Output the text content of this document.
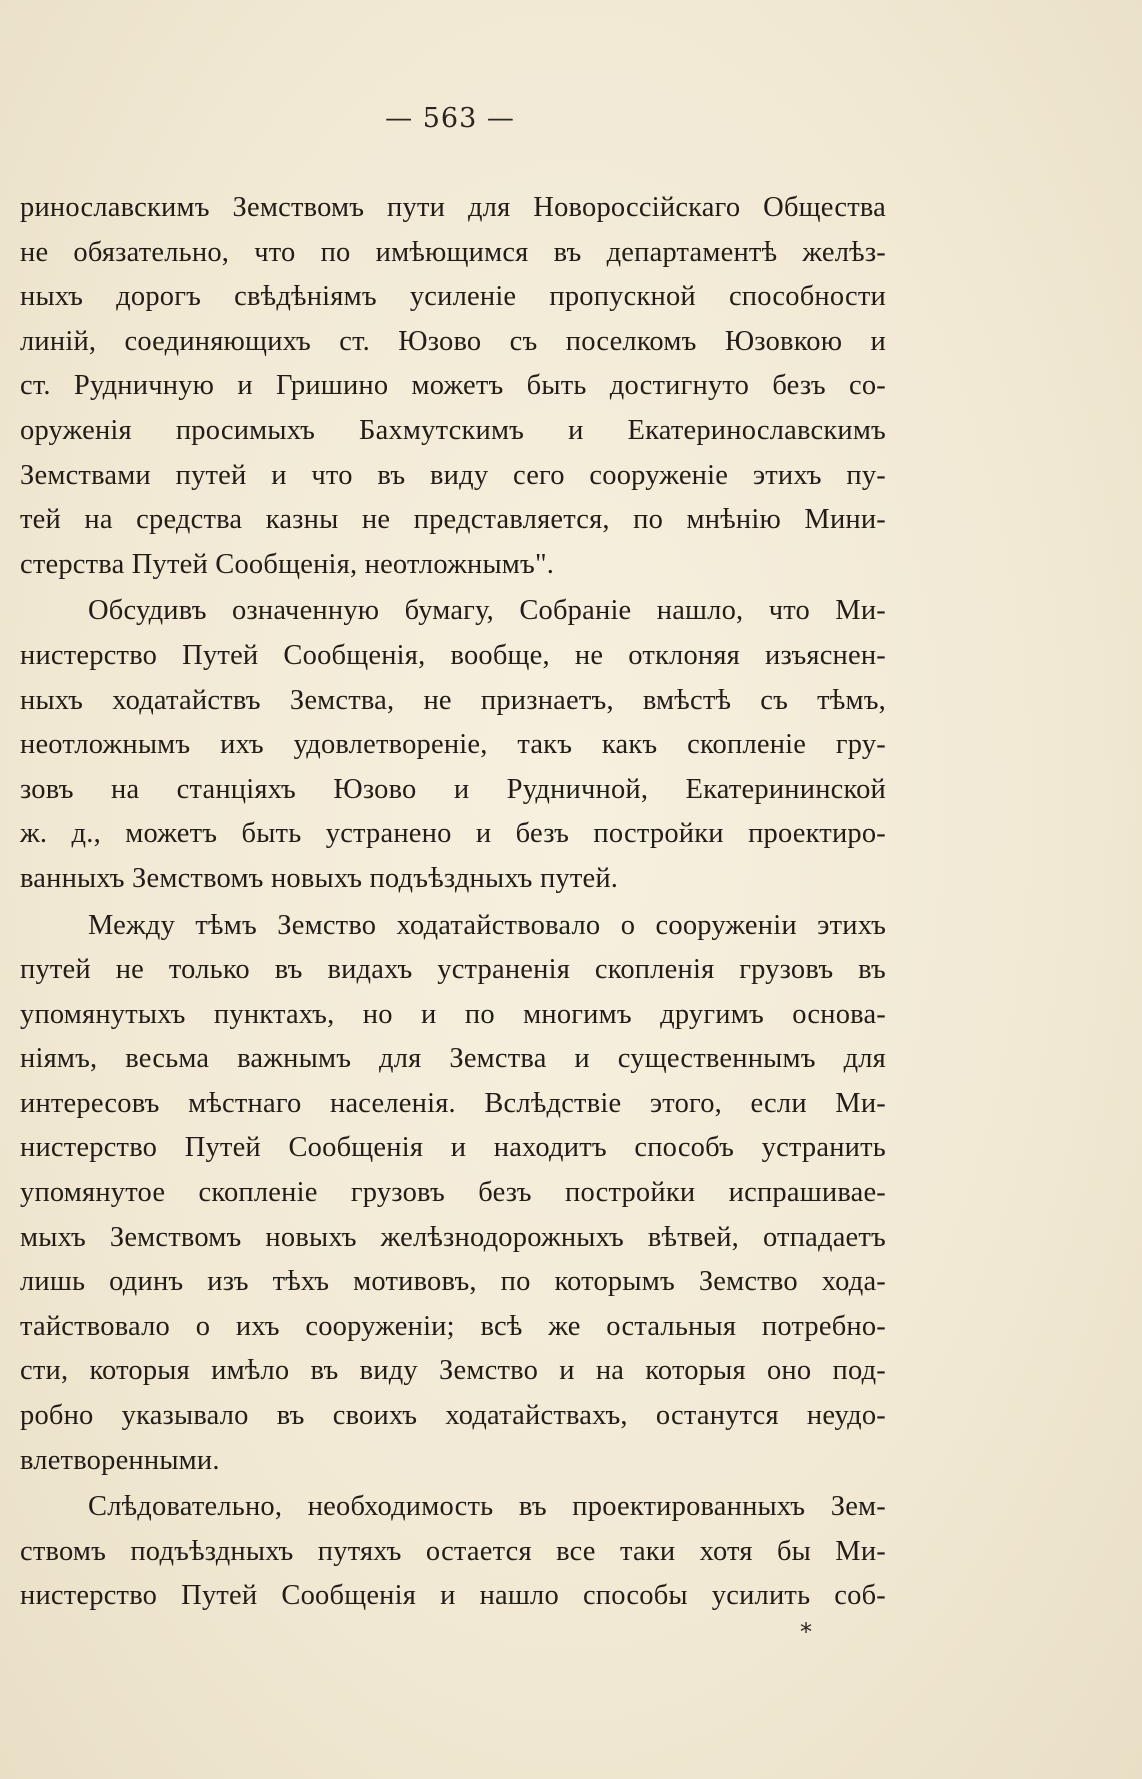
— 563 —
ринославскимъ Земствомъ пути для Новороссійскаго Общества
не обязательно, что по имѣющимся въ департаментѣ желѣз-
ныхъ дорогъ свѣдѣніямъ усиленіе пропускной способности
линій, соединяющихъ ст. Юзово съ поселкомъ Юзовкою и
ст. Рудничную и Гришино можетъ быть достигнуто безъ со-
оруженія просимыхъ Бахмутскимъ и Екатеринославскимъ
Земствами путей и что въ виду сего сооруженіе этихъ пу-
тей на средства казны не представляется, по мнѣнію Мини-
стерства Путей Сообщенія, неотложнымъ".
Обсудивъ означенную бумагу, Собраніе нашло, что Ми-
нистерство Путей Сообщенія, вообще, не отклоняя изъяснен-
ныхъ ходатайствъ Земства, не признаетъ, вмѣстѣ съ тѣмъ,
неотложнымъ ихъ удовлетвореніе, такъ какъ скопленіе гру-
зовъ на станціяхъ Юзово и Рудничной, Екатерининской
ж. д., можетъ быть устранено и безъ постройки проектиро-
ванныхъ Земствомъ новыхъ подъѣздныхъ путей.
Между тѣмъ Земство ходатайствовало о сооруженіи этихъ
путей не только въ видахъ устраненія скопленія грузовъ въ
упомянутыхъ пунктахъ, но и по многимъ другимъ основа-
ніямъ, весьма важнымъ для Земства и существеннымъ для
интересовъ мѣстнаго населенія. Вслѣдствіе этого, если Ми-
нистерство Путей Сообщенія и находитъ способъ устранить
упомянутое скопленіе грузовъ безъ постройки испрашивае-
мыхъ Земствомъ новыхъ желѣзнодорожныхъ вѣтвей, отпадаетъ
лишь одинъ изъ тѣхъ мотивовъ, по которымъ Земство хода-
тайствовало о ихъ сооруженіи; всѣ же остальныя потребно-
сти, которыя имѣло въ виду Земство и на которыя оно под-
робно указывало въ своихъ ходатайствахъ, останутся неудо-
влетворенными.
Слѣдовательно, необходимость въ проектированныхъ Зем-
ствомъ подъѣздныхъ путяхъ остается все таки хотя бы Ми-
нистерство Путей Сообщенія и нашло способы усилить соб-
*
